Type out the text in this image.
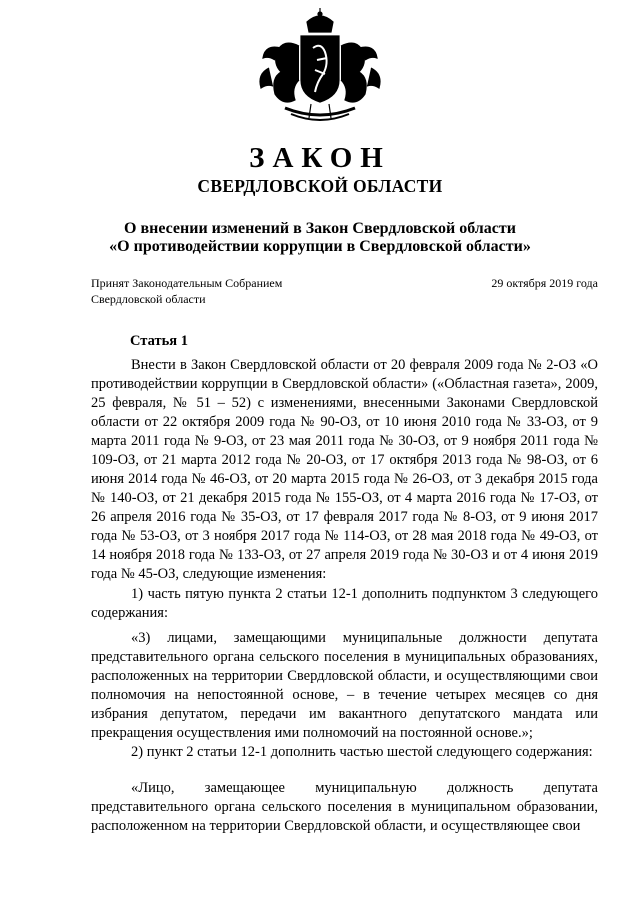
ЗАКОН
СВЕРДЛОВСКОЙ ОБЛАСТИ
О внесении изменений в Закон Свердловской области
«О противодействии коррупции в Свердловской области»
Принят Законодательным Собранием
Свердловской области
29 октября 2019 года
Статья 1

Внести в Закон Свердловской области от 20 февраля 2009 года № 2-ОЗ «О противодействии коррупции в Свердловской области» («Областная газета», 2009, 25 февраля, № 51 – 52) с изменениями, внесенными Законами Свердловской области от 22 октября 2009 года № 90-ОЗ, от 10 июня 2010 года № 33-ОЗ, от 9 марта 2011 года № 9-ОЗ, от 23 мая 2011 года № 30-ОЗ, от 9 ноября 2011 года № 109-ОЗ, от 21 марта 2012 года № 20-ОЗ, от 17 октября 2013 года № 98-ОЗ, от 6 июня 2014 года № 46-ОЗ, от 20 марта 2015 года № 26-ОЗ, от 3 декабря 2015 года № 140-ОЗ, от 21 декабря 2015 года № 155-ОЗ, от 4 марта 2016 года № 17-ОЗ, от 26 апреля 2016 года № 35-ОЗ, от 17 февраля 2017 года № 8-ОЗ, от 9 июня 2017 года № 53-ОЗ, от 3 ноября 2017 года № 114-ОЗ, от 28 мая 2018 года № 49-ОЗ, от 14 ноября 2018 года № 133-ОЗ, от 27 апреля 2019 года № 30-ОЗ и от 4 июня 2019 года № 45-ОЗ, следующие изменения:

1) часть пятую пункта 2 статьи 12-1 дополнить подпунктом 3 следующего содержания:

«3) лицами, замещающими муниципальные должности депутата представительного органа сельского поселения в муниципальных образованиях, расположенных на территории Свердловской области, и осуществляющими свои полномочия на непостоянной основе, – в течение четырех месяцев со дня избрания депутатом, передачи им вакантного депутатского мандата или прекращения осуществления ими полномочий на постоянной основе.»;

2) пункт 2 статьи 12-1 дополнить частью шестой следующего содержания:

«Лицо, замещающее муниципальную должность депутата представительного органа сельского поселения в муниципальном образовании, расположенном на территории Свердловской области, и осуществляющее свои
